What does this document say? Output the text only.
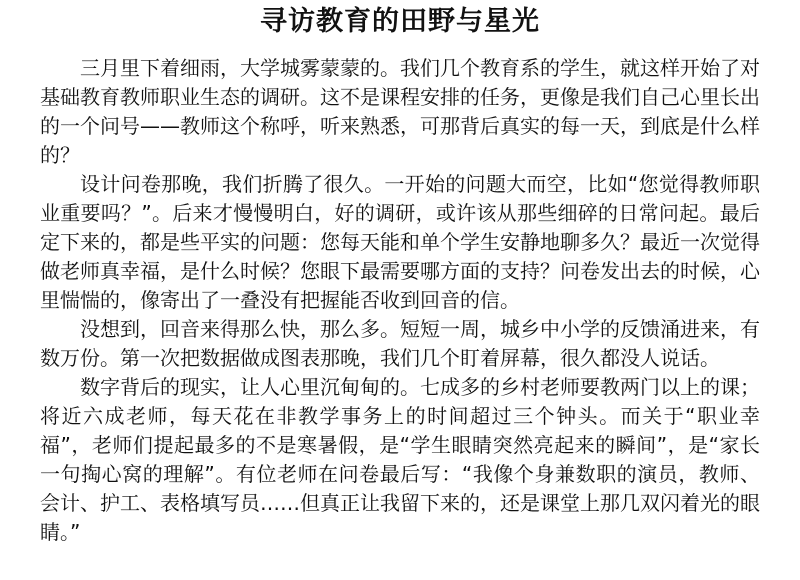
寻访教育的田野与星光

三月里下着细雨，大学城雾蒙蒙的。我们几个教育系的学生，就这样开始了对基础教育教师职业生态的调研。这不是课程安排的任务，更像是我们自己心里长出的一个问号——教师这个称呼，听来熟悉，可那背后真实的每一天，到底是什么样的？

设计问卷那晚，我们折腾了很久。一开始的问题大而空，比如“您觉得教师职业重要吗？”。后来才慢慢明白，好的调研，或许该从那些细碎的日常问起。最后定下来的，都是些平实的问题：您每天能和单个学生安静地聊多久？最近一次觉得做老师真幸福，是什么时候？您眼下最需要哪方面的支持？问卷发出去的时候，心里惴惴的，像寄出了一叠没有把握能否收到回音的信。

没想到，回音来得那么快，那么多。短短一周，城乡中小学的反馈涌进来，有数万份。第一次把数据做成图表那晚，我们几个盯着屏幕，很久都没人说话。

数字背后的现实，让人心里沉甸甸的。七成多的乡村老师要教两门以上的课；将近六成老师，每天花在非教学事务上的时间超过三个钟头。而关于“职业幸福”，老师们提起最多的不是寒暑假，是“学生眼睛突然亮起来的瞬间”，是“家长一句掏心窝的理解”。有位老师在问卷最后写：“我像个身兼数职的演员，教师、会计、护工、表格填写员……但真正让我留下来的，还是课堂上那几双闪着光的眼睛。”
